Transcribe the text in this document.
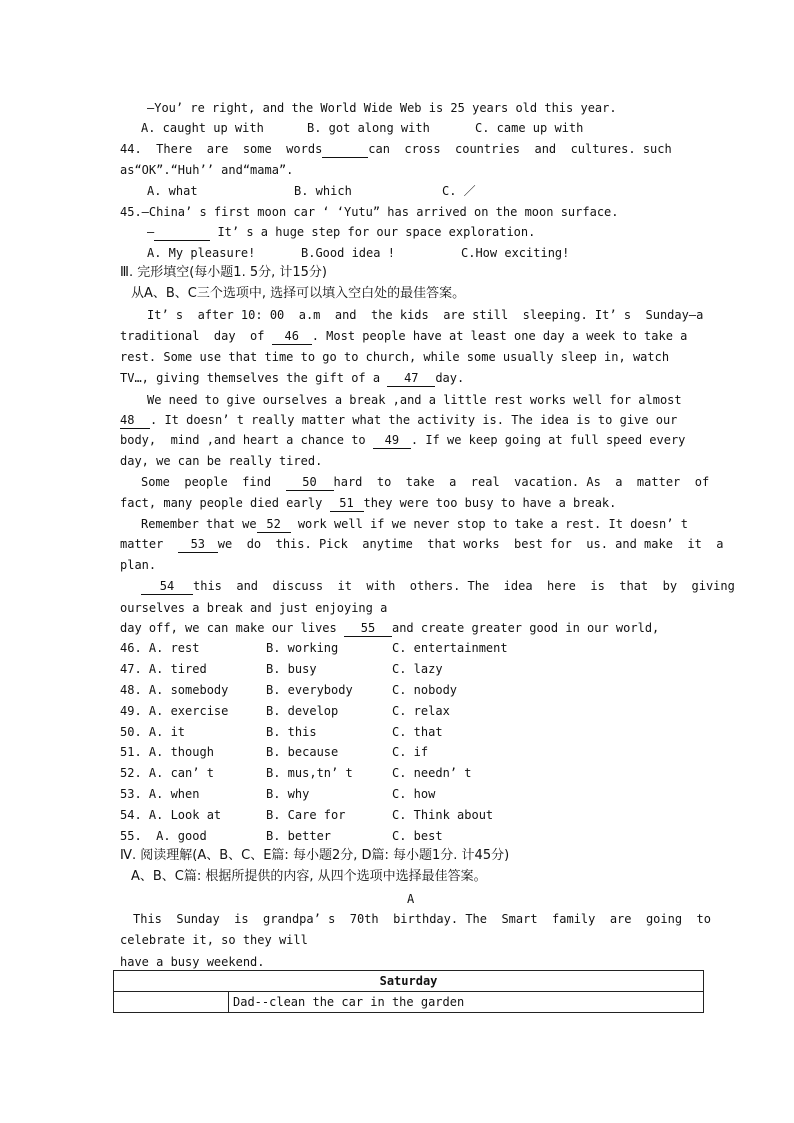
—You’ re right, and the World Wide Web is 25 years old this year.
A. caught up with	B. got along with	C. came up with
44.  There  are  some  words	can  cross  countries  and  cultures. such
as“OK”.“Huh’’ and“mama”.
A. what	B. which	C. ／
45.—China’ s first moon car ‘ ‘Yutu” has arrived on the moon surface.
—	It’ s a huge step for our space exploration.
A. My pleasure!	B.Good idea !	C.How exciting!
Ⅲ. 完形填空(每小题1. 5分, 计15分)
从A、B、C三个选项中, 选择可以填入空白处的最佳答案。
It’ s  after 10: 00  a.m  and  the kids  are still  sleeping. It’ s  Sunday—a
traditional  day  of 46 . Most people have at least one day a week to take a
rest. Some use that time to go to church, while some usually sleep in, watch
TV…, giving themselves the gift of a 47 day.
We need to give ourselves a break ,and a little rest works well for almost
48 . It doesn’ t really matter what the activity is. The idea is to give our
body,  mind ,and heart a chance to 49 . If we keep going at full speed every
day, we can be really tired.
Some  people  find  50 hard  to  take  a  real  vacation. As  a  matter  of
fact, many people died early 51 they were too busy to have a break.
Remember that we 52 work well if we never stop to take a rest. It doesn’ t
matter  53 we  do  this. Pick  anytime  that works  best for  us. and make  it  a
plan.
54 this  and  discuss  it  with  others. The  idea  here  is  that  by  giving
ourselves a break and just enjoying a
day off, we can make our lives 55 and create greater good in our world,
46. A. rest	B. working	C. entertainment
47. A. tired	B. busy	C. lazy
48. A. somebody	B. everybody	C. nobody
49. A. exercise	B. develop	C. relax
50. A. it	B. this	C. that
51. A. though	B. because	C. if
52. A. can’ t	B. mus,tn’ t	C. needn’ t
53. A. when	B. why	C. how
54. A. Look at	B. Care for	C. Think about
55.  A. good	B. better	C. best
Ⅳ. 阅读理解(A、B、C、E篇: 每小题2分, D篇: 每小题1分. 计45分)
A、B、C篇: 根据所提供的内容, 从四个选项中选择最佳答案。
A
This  Sunday  is  grandpa’ s  70th  birthday. The  Smart  family  are  going  to
celebrate it, so they will
have a busy weekend.
Saturday
	Dad--clean the car in the garden
